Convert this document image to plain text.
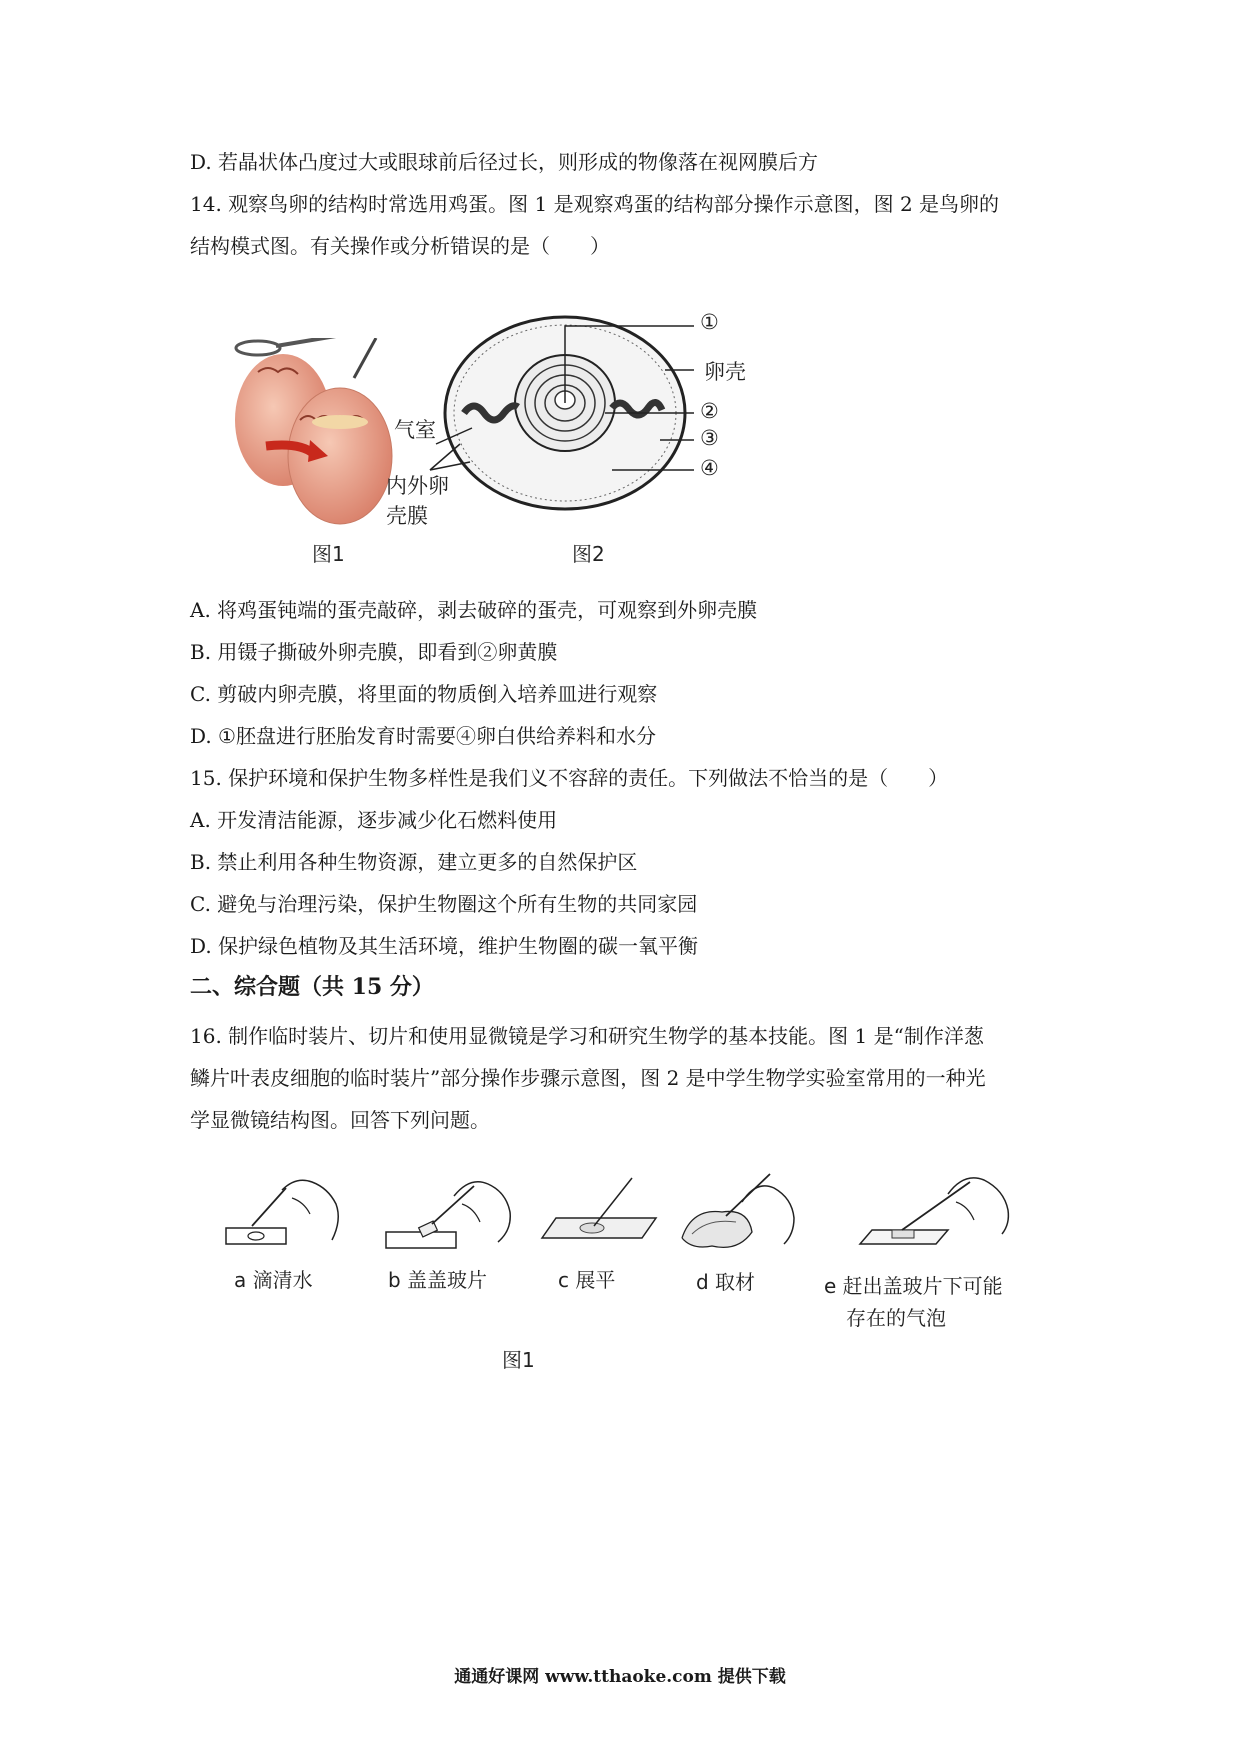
D. 若晶状体凸度过大或眼球前后径过长，则形成的物像落在视网膜后方
14. 观察鸟卵的结构时常选用鸡蛋。图 1 是观察鸡蛋的结构部分操作示意图，图 2 是鸟卵的
结构模式图。有关操作或分析错误的是（　　）
①
卵壳
②
③
④
气室
内外卵
壳膜
图1	图2
A. 将鸡蛋钝端的蛋壳敲碎，剥去破碎的蛋壳，可观察到外卵壳膜
B. 用镊子撕破外卵壳膜，即看到②卵黄膜
C. 剪破内卵壳膜，将里面的物质倒入培养皿进行观察
D. ①胚盘进行胚胎发育时需要④卵白供给养料和水分
15. 保护环境和保护生物多样性是我们义不容辞的责任。下列做法不恰当的是（　　）
A. 开发清洁能源，逐步减少化石燃料使用
B. 禁止利用各种生物资源，建立更多的自然保护区
C. 避免与治理污染，保护生物圈这个所有生物的共同家园
D. 保护绿色植物及其生活环境，维护生物圈的碳一氧平衡
二、综合题（共 15 分）
16. 制作临时装片、切片和使用显微镜是学习和研究生物学的基本技能。图 1 是“制作洋葱
鳞片叶表皮细胞的临时装片”部分操作步骤示意图，图 2 是中学生物学实验室常用的一种光
学显微镜结构图。回答下列问题。
a 滴清水	b 盖盖玻片	c 展平	d 取材	e 赶出盖玻片下可能
存在的气泡
图1
通通好课网 www.tthaoke.com 提供下载
